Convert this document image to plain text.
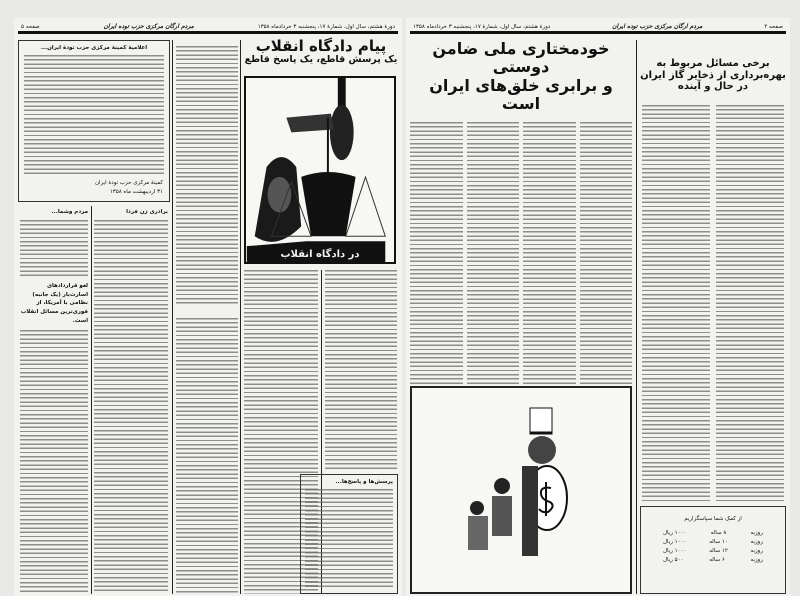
دورهٔ هشتم، سال اول، شمارهٔ ۱۷، پنجشنبه ۳ خردادماه ۱۳۵۸
مردم ارگان مرکزی حزب توده ایران
صفحه ۵
اعلامیهٔ کمیتهٔ مرکزی حزب تودهٔ ایران...
کمیتهٔ مرکزی حزب تودهٔ ایران
۳۱ اردیبهشت ماه ۱۳۵۸
مردم وشما...
لغو قراردادهای اسارت‌بار (یک جانبه) نظامی با آمریکا، از فوری‌ترین مسائل انقلاب است.
برادری زن فردا
پیام دادگاه انقلاب
یک پرسش قاطع، یک پاسخ قاطع
در دادگاه انقلاب
پرسش‌ها و پاسخ‌ها...
صفحه ۴
مردم ارگان مرکزی حزب توده ایران
دورهٔ هشتم، سال اول، شمارهٔ ۱۷، پنجشنبه ۳ خردادماه ۱۳۵۸
خودمختاری ملی ضامن دوستی
و برابری خلق‌های ایران است
برخی مسائل مربوط به
بهره‌برداری از ذخایر گاز ایران
در حال و آینده
از کمک شما سپاسگزاریم
روزبه
۸ ساله
۱۰۰۰ ریال
روزبه
۱۰ ساله
۱۰۰۰ ریال
روزبه
۱۲ ساله
۱۰۰۰ ریال
روزبه
۶ ساله
۵۰۰ ریال
